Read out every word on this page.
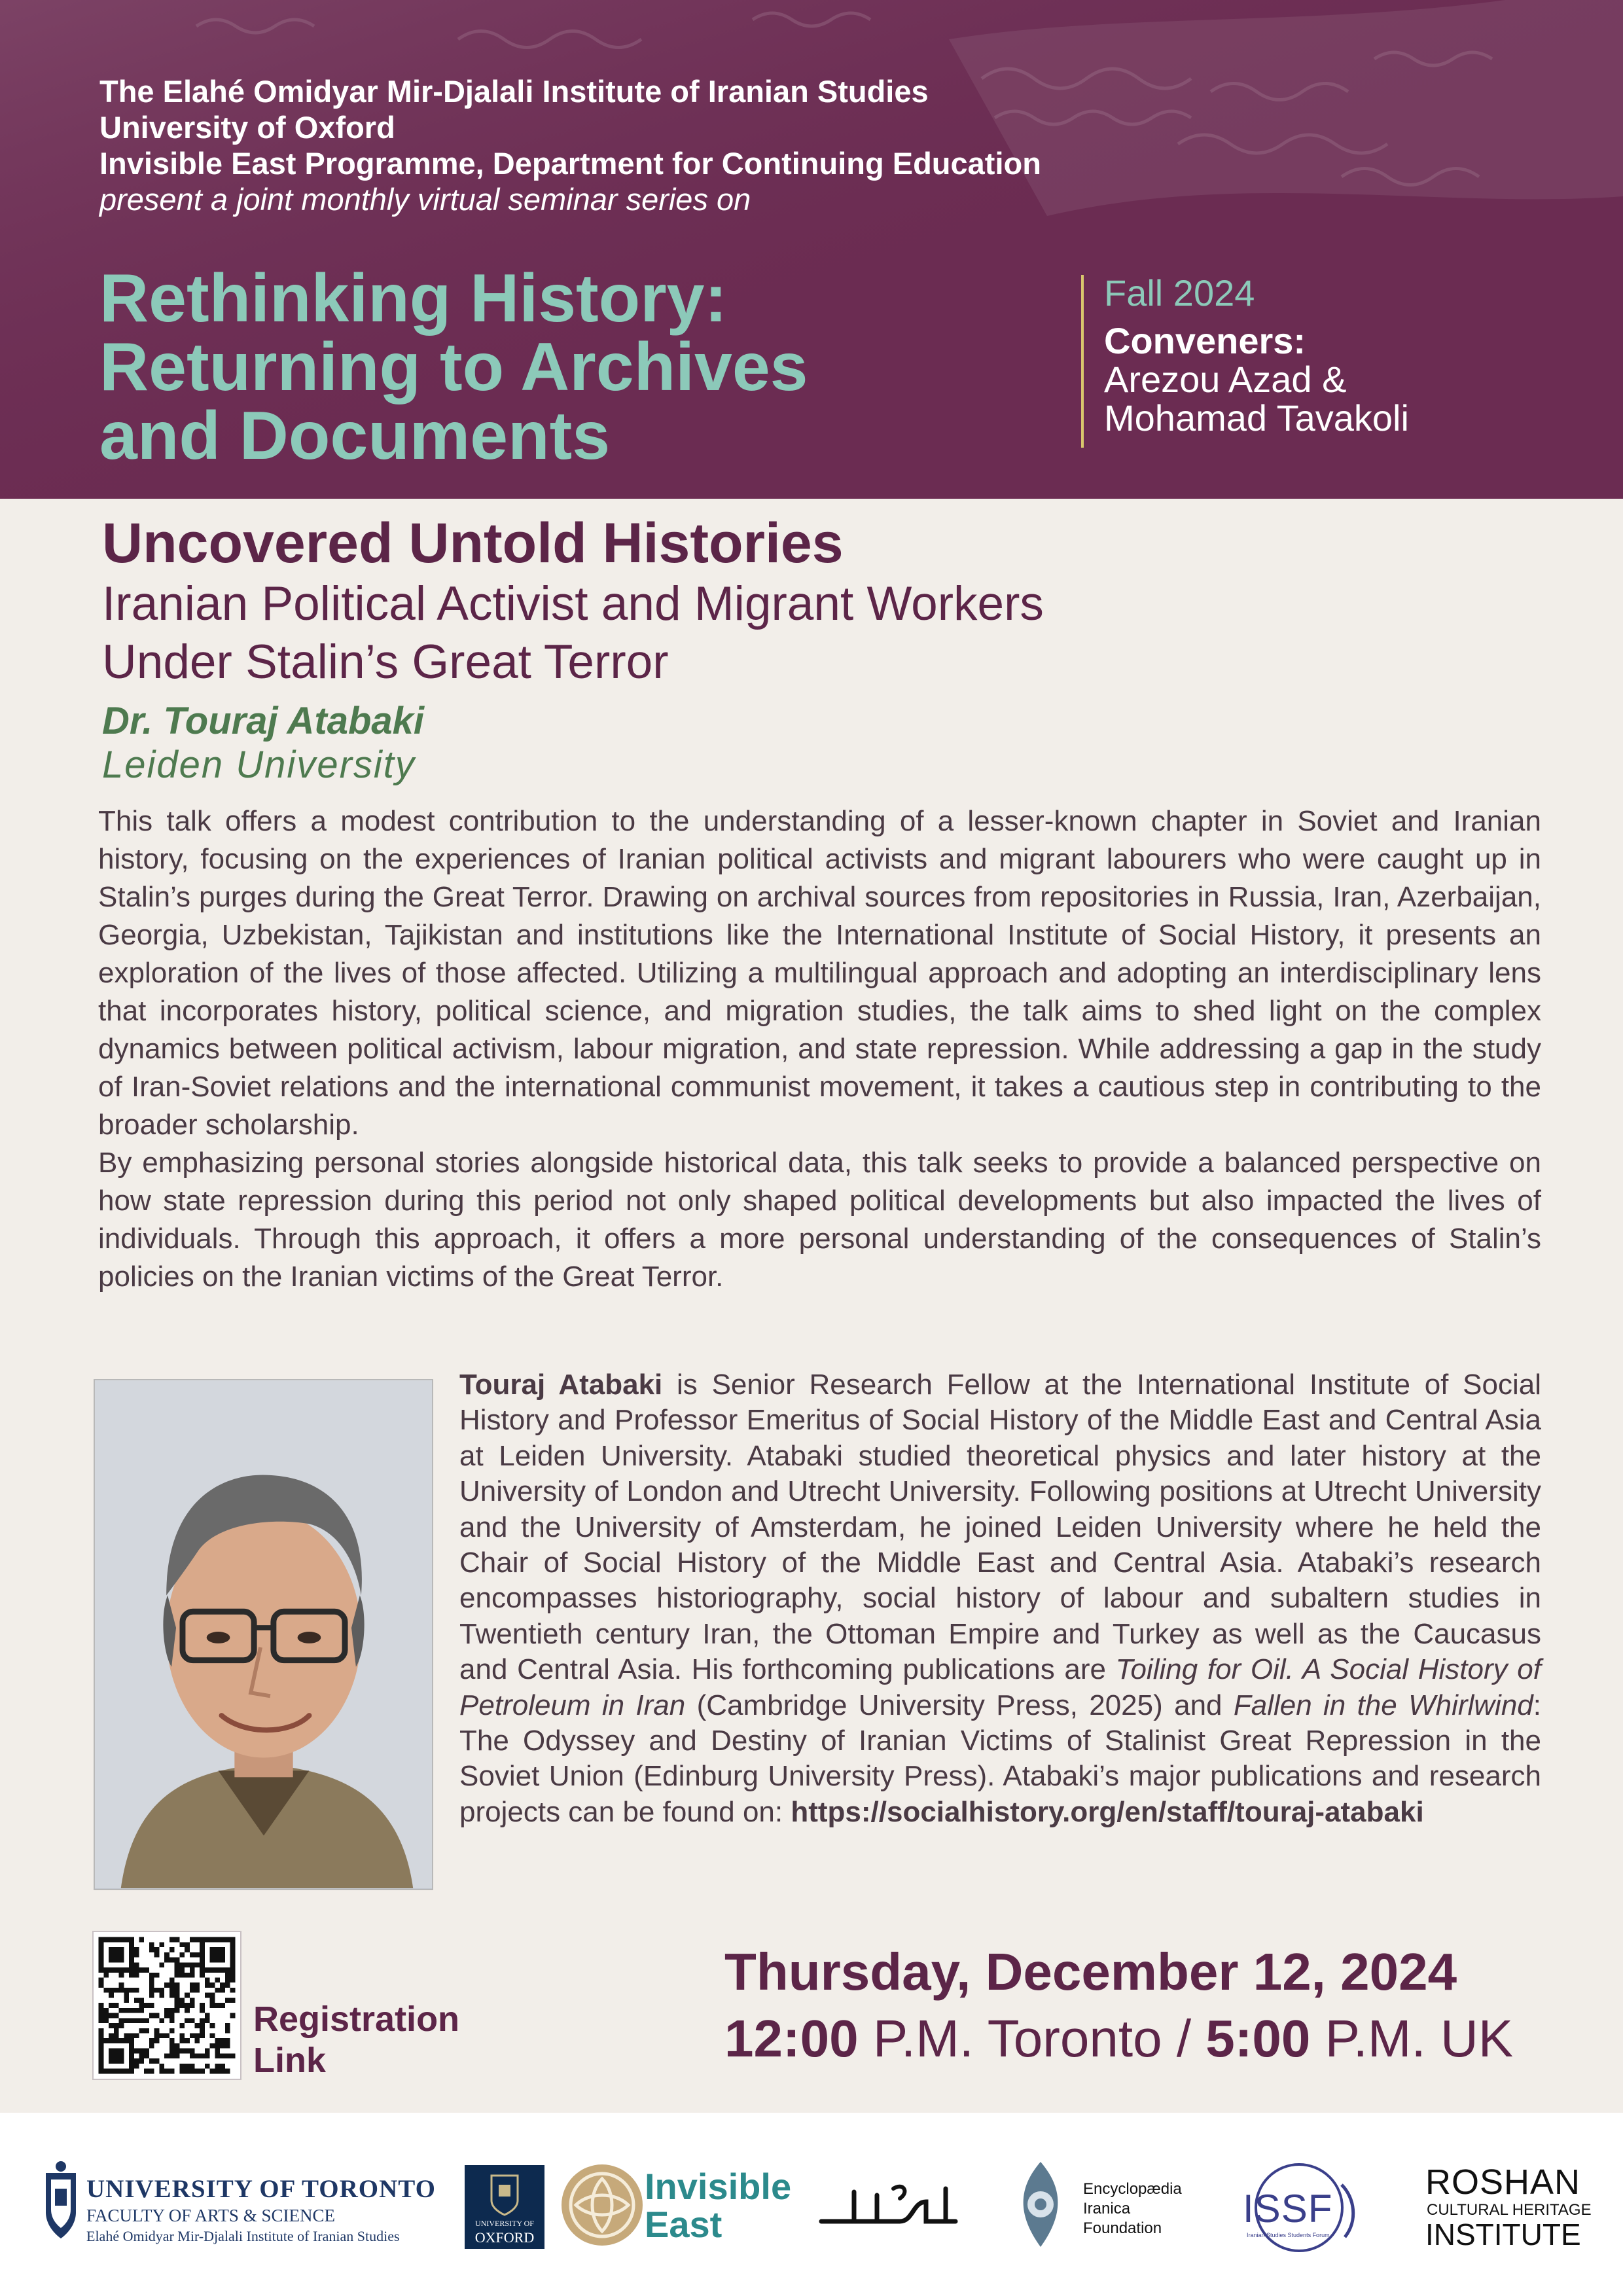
The Elahé Omidyar Mir-Djalali Institute of Iranian Studies
University of Oxford
Invisible East Programme, Department for Continuing Education
present a joint monthly virtual seminar series on
Rethinking History:
Returning to Archives
and Documents
Fall 2024
Conveners:
Arezou Azad &
Mohamad Tavakoli
Uncovered Untold Histories
Iranian Political Activist and Migrant Workers
Under Stalin’s Great Terror
Dr. Touraj Atabaki
Leiden University

This talk offers a modest contribution to the understanding of a lesser-known chapter in Soviet and Iranian history, focusing on the experiences of Iranian political activists and migrant labourers who were caught up in Stalin’s purges during the Great Terror. Drawing on archival sources from repositories in Russia, Iran, Azerbaijan, Georgia, Uzbekistan, Tajikistan and institutions like the International Institute of Social History, it presents an exploration of the lives of those affected. Utilizing a multilingual approach and adopting an interdisciplinary lens that incorporates history, political science, and migration studies, the talk aims to shed light on the complex dynamics between political activism, labour migration, and state repression. While addressing a gap in the study of Iran-Soviet relations and the international communist movement, it takes a cautious step in contributing to the broader scholarship.

By emphasizing personal stories alongside historical data, this talk seeks to provide a balanced perspective on how state repression during this period not only shaped political developments but also impacted the lives of individuals. Through this approach, it offers a more personal understanding of the consequences of Stalin’s policies on the Iranian victims of the Great Terror.

Touraj Atabaki is Senior Research Fellow at the International Institute of Social History and Professor Emeritus of Social History of the Middle East and Central Asia at Leiden University. Atabaki studied theoretical physics and later history at the University of London and Utrecht University. Following positions at Utrecht University and the University of Amsterdam, he joined Leiden University where he held the Chair of Social History of the Middle East and Central Asia. Atabaki’s research encompasses historiography, social history of labour and subaltern studies in Twentieth century Iran, the Ottoman Empire and Turkey as well as the Caucasus and Central Asia. His forthcoming publications are Toiling for Oil. A Social History of Petroleum in Iran (Cambridge University Press, 2025) and Fallen in the Whirlwind: The Odyssey and Destiny of Iranian Victims of Stalinist Great Repression in the Soviet Union (Edinburg University Press). Atabaki’s major publications and research projects can be found on: https://socialhistory.org/en/staff/touraj-atabaki
Registration Link
Thursday, December 12, 2024
12:00 P.M. Toronto / 5:00 P.M. UK
UNIVERSITY OF TORONTO
FACULTY OF ARTS & SCIENCE
Elahé Omidyar Mir-Djalali Institute of Iranian Studies
UNIVERSITY OF
OXFORD
Invisible
East
Encyclopædia
Iranica
Foundation	ISSF
Iranian Studies Students Forum
ROSHAN
CULTURAL HERITAGE
INSTITUTE
